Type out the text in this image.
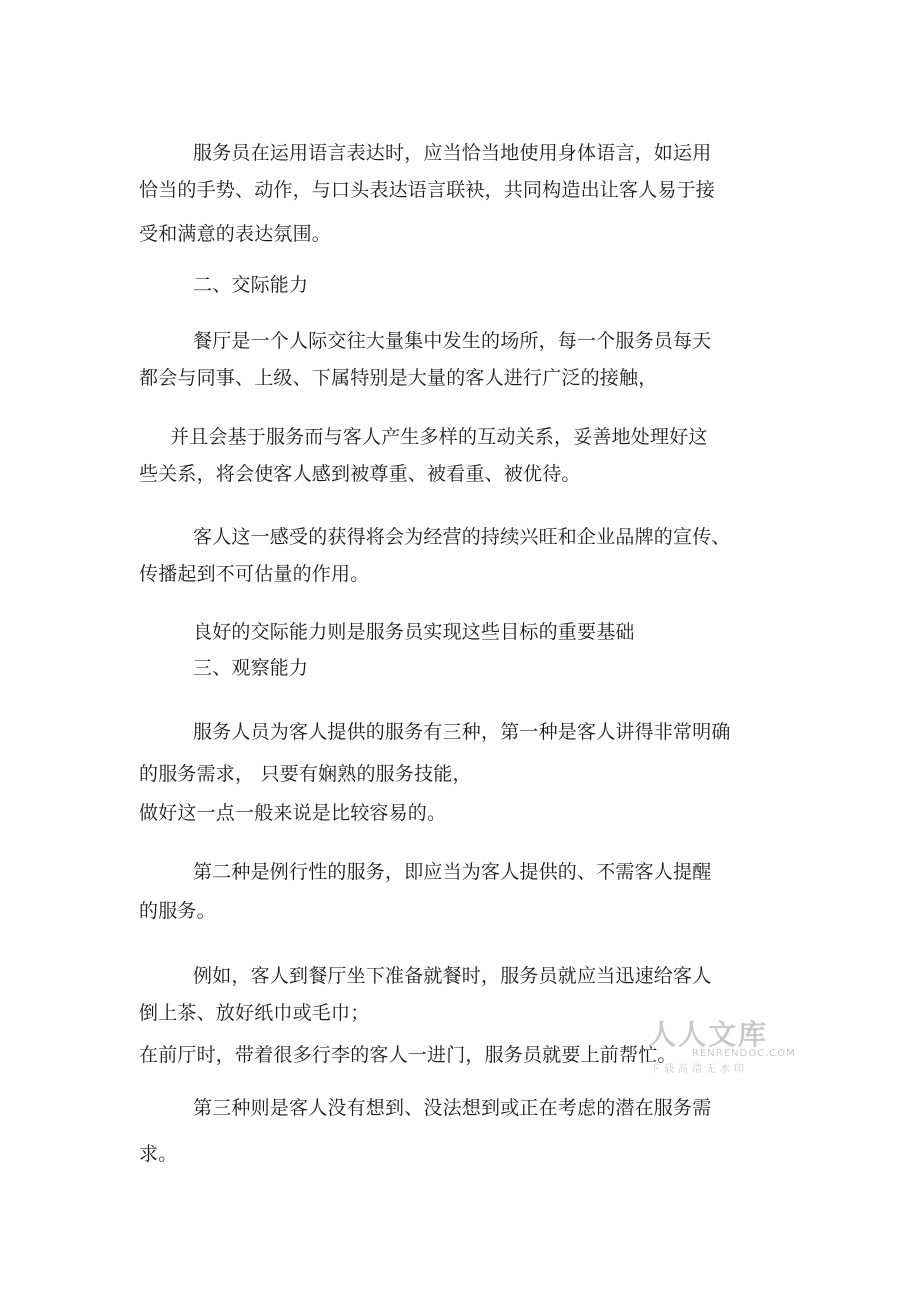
服务员在运用语言表达时，应当恰当地使用身体语言，如运用
恰当的手势、动作，与口头表达语言联袂，共同构造出让客人易于接
受和满意的表达氛围。
二、交际能力
餐厅是一个人际交往大量集中发生的场所，每一个服务员每天
都会与同事、上级、下属特别是大量的客人进行广泛的接触，
并且会基于服务而与客人产生多样的互动关系，妥善地处理好这
些关系，将会使客人感到被尊重、被看重、被优待。
客人这一感受的获得将会为经营的持续兴旺和企业品牌的宣传、
传播起到不可估量的作用。
良好的交际能力则是服务员实现这些目标的重要基础
三、观察能力
服务人员为客人提供的服务有三种，第一种是客人讲得非常明确
的服务需求， 只要有娴熟的服务技能，
做好这一点一般来说是比较容易的。
第二种是例行性的服务，即应当为客人提供的、不需客人提醒
的服务。
例如，客人到餐厅坐下准备就餐时，服务员就应当迅速给客人
倒上茶、放好纸巾或毛巾；
在前厅时，带着很多行李的客人一进门，服务员就要上前帮忙。
第三种则是客人没有想到、没法想到或正在考虑的潜在服务需
求。
人人文库
RENRENDOC.COM
下载高清无水印
